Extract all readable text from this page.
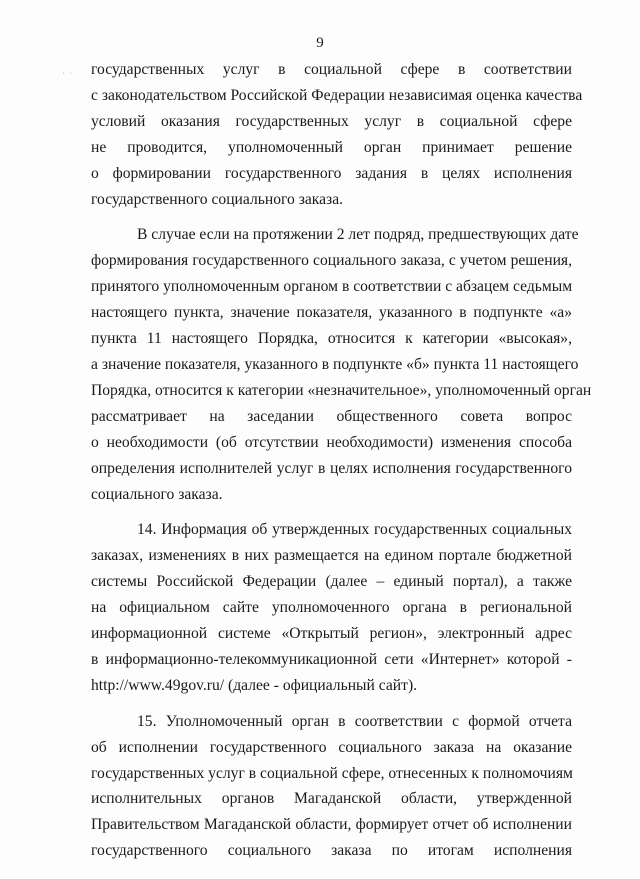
· ·
9
государственных услуг в социальной сфере в соответствии
с законодательством Российской Федерации независимая оценка качества
условий оказания государственных услуг в социальной сфере
не проводится, уполномоченный орган принимает решение
о формировании государственного задания в целях исполнения
государственного социального заказа.
В случае если на протяжении 2 лет подряд, предшествующих дате
формирования государственного социального заказа, с учетом решения,
принятого уполномоченным органом в соответствии с абзацем седьмым
настоящего пункта, значение показателя, указанного в подпункте «а»
пункта 11 настоящего Порядка, относится к категории «высокая»,
а значение показателя, указанного в подпункте «б» пункта 11 настоящего
Порядка, относится к категории «незначительное», уполномоченный орган
рассматривает на заседании общественного совета вопрос
о необходимости (об отсутствии необходимости) изменения способа
определения исполнителей услуг в целях исполнения государственного
социального заказа.
14. Информация об утвержденных государственных социальных
заказах, изменениях в них размещается на едином портале бюджетной
системы Российской Федерации (далее – единый портал), а также
на официальном сайте уполномоченного органа в региональной
информационной системе «Открытый регион», электронный адрес
в информационно-телекоммуникационной сети «Интернет» которой -
http://www.49gov.ru/ (далее - официальный сайт).
15. Уполномоченный орган в соответствии с формой отчета
об исполнении государственного социального заказа на оказание
государственных услуг в социальной сфере, отнесенных к полномочиям
исполнительных органов Магаданской области, утвержденной
Правительством Магаданской области, формирует отчет об исполнении
государственного социального заказа по итогам исполнения
